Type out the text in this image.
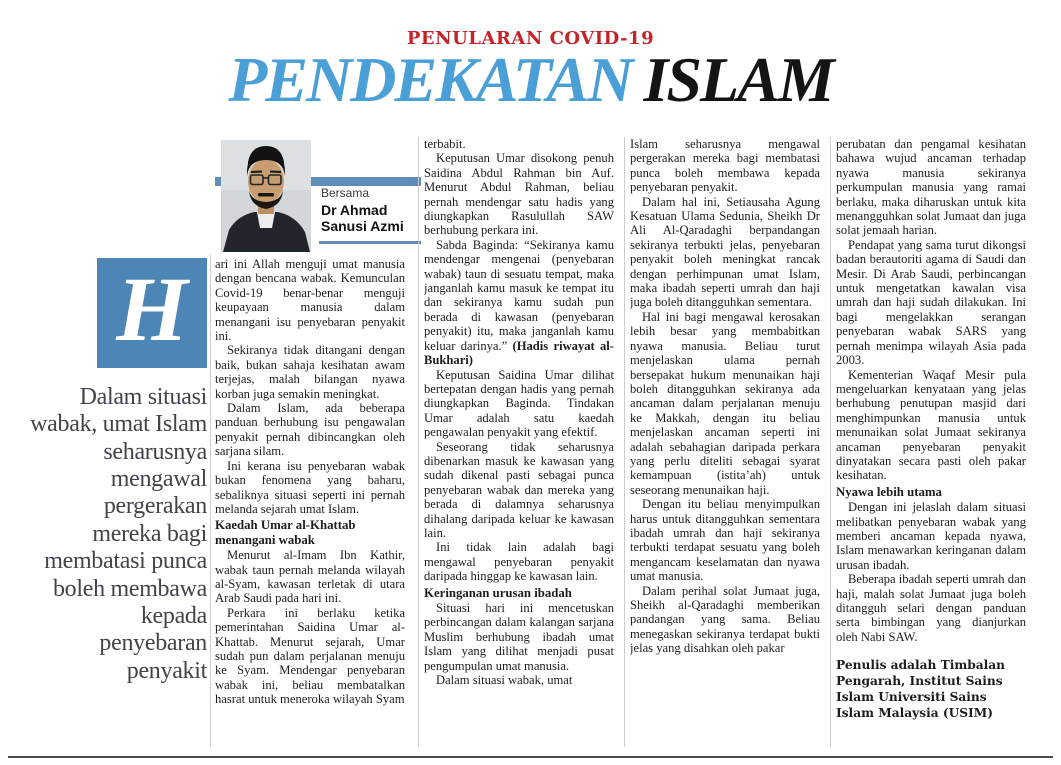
PENULARAN COVID-19
PENDEKATAN ISLAM
Bersama
Dr Ahmad
Sanusi Azmi
H
Dalam situasi wabak, umat Islam seharusnya mengawal pergerakan mereka bagi membatasi punca boleh membawa kepada penyebaran penyakit

ari ini Allah menguji umat manusia dengan bencana wabak. Kemunculan Covid-19 benar-benar menguji keupayaan manusia dalam menangani isu penyebaran penyakit ini.

Sekiranya tidak ditangani dengan baik, bukan sahaja kesihatan awam terjejas, malah bilangan nyawa korban juga semakin meningkat.

Dalam Islam, ada beberapa panduan berhubung isu pengawalan penyakit pernah dibincangkan oleh sarjana silam.

Ini kerana isu penyebaran wabak bukan fenomena yang baharu, sebaliknya situasi seperti ini pernah melanda sejarah umat Islam.

Kaedah Umar al-Khattab menangani wabak

Menurut al-Imam Ibn Kathir, wabak taun pernah melanda wilayah al-Syam, kawasan terletak di utara Arab Saudi pada hari ini.

Perkara ini berlaku ketika pemerintahan Saidina Umar al-Khattab. Menurut sejarah, Umar sudah pun dalam perjalanan menuju ke Syam. Mendengar penyebaran wabak ini, beliau membatalkan hasrat untuk meneroka wilayah Syam

terbabit.

Keputusan Umar disokong penuh Saidina Abdul Rahman bin Auf. Menurut Abdul Rahman, beliau pernah mendengar satu hadis yang diungkapkan Rasulullah SAW berhubung perkara ini.

Sabda Baginda: “Sekiranya kamu mendengar mengenai (penyebaran wabak) taun di sesuatu tempat, maka janganlah kamu masuk ke tempat itu dan sekiranya kamu sudah pun berada di kawasan (penyebaran penyakit) itu, maka janganlah kamu keluar darinya.” (Hadis riwayat al-Bukhari)

Keputusan Saidina Umar dilihat bertepatan dengan hadis yang pernah diungkapkan Baginda. Tindakan Umar adalah satu kaedah pengawalan penyakit yang efektif.

Seseorang tidak seharusnya dibenarkan masuk ke kawasan yang sudah dikenal pasti sebagai punca penyebaran wabak dan mereka yang berada di dalamnya seharusnya dihalang daripada keluar ke kawasan lain.

Ini tidak lain adalah bagi mengawal penyebaran penyakit daripada hinggap ke kawasan lain.

Keringanan urusan ibadah

Situasi hari ini mencetuskan perbincangan dalam kalangan sarjana Muslim berhubung ibadah umat Islam yang dilihat menjadi pusat pengumpulan umat manusia.

Dalam situasi wabak, umat

Islam seharusnya mengawal pergerakan mereka bagi membatasi punca boleh membawa kepada penyebaran penyakit.

Dalam hal ini, Setiausaha Agung Kesatuan Ulama Sedunia, Sheikh Dr Ali Al-Qaradaghi berpandangan sekiranya terbukti jelas, penyebaran penyakit boleh meningkat rancak dengan perhimpunan umat Islam, maka ibadah seperti umrah dan haji juga boleh ditangguhkan sementara.

Hal ini bagi mengawal kerosakan lebih besar yang membabitkan nyawa manusia. Beliau turut menjelaskan ulama pernah bersepakat hukum menunaikan haji boleh ditangguhkan sekiranya ada ancaman dalam perjalanan menuju ke Makkah, dengan itu beliau menjelaskan ancaman seperti ini adalah sebahagian daripada perkara yang perlu diteliti sebagai syarat kemampuan (istita’ah) untuk seseorang menunaikan haji.

Dengan itu beliau menyimpulkan harus untuk ditangguhkan sementara ibadah umrah dan haji sekiranya terbukti terdapat sesuatu yang boleh mengancam keselamatan dan nyawa umat manusia.

Dalam perihal solat Jumaat juga, Sheikh al-Qaradaghi memberikan pandangan yang sama. Beliau menegaskan sekiranya terdapat bukti jelas yang disahkan oleh pakar

perubatan dan pengamal kesihatan bahawa wujud ancaman terhadap nyawa manusia sekiranya perkumpulan manusia yang ramai berlaku, maka diharuskan untuk kita menangguhkan solat Jumaat dan juga solat jemaah harian.

Pendapat yang sama turut dikongsi badan berautoriti agama di Saudi dan Mesir. Di Arab Saudi, perbincangan untuk mengetatkan kawalan visa umrah dan haji sudah dilakukan. Ini bagi mengelakkan serangan penyebaran wabak SARS yang pernah menimpa wilayah Asia pada 2003.

Kementerian Waqaf Mesir pula mengeluarkan kenyataan yang jelas berhubung penutupan masjid dari menghimpunkan manusia untuk menunaikan solat Jumaat sekiranya ancaman penyebaran penyakit dinyatakan secara pasti oleh pakar kesihatan.

Nyawa lebih utama

Dengan ini jelaslah dalam situasi melibatkan penyebaran wabak yang memberi ancaman kepada nyawa, Islam menawarkan keringanan dalam urusan ibadah.

Beberapa ibadah seperti umrah dan haji, malah solat Jumaat juga boleh ditangguh selari dengan panduan serta bimbingan yang dianjurkan oleh Nabi SAW.

Penulis adalah Timbalan Pengarah, Institut Sains Islam Universiti Sains Islam Malaysia (USIM)
